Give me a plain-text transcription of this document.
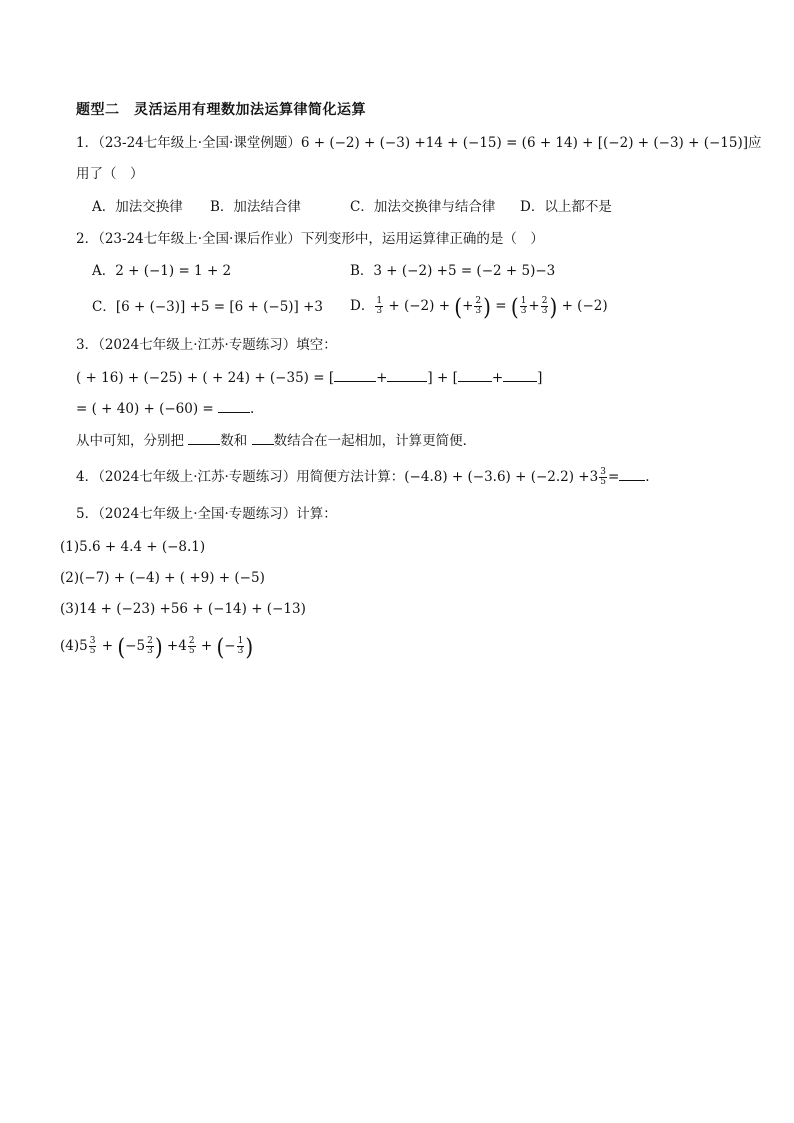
题型二　灵活运用有理数加法运算律简化运算
1．（23-24七年级上·全国·课堂例题）6 + (−2) + (−3) +14 + (−15) = (6 + 14) + [(−2) + (−3) + (−15)]应
用了（　）
A．加法交换律 B．加法结合律	C．加法交换律与结合律 D．以上都不是
2．（23-24七年级上·全国·课后作业）下列变形中，运用运算律正确的是（　）
A．2 + (−1) = 1 + 2	B．3 + (−2) +5 = (−2 + 5)−3
C．[6 + (−3)] +5 = [6 + (−5)] +3 D． $\frac{1}{3} + (-2)$ + (+ $\frac{2}{3}$ ) = ( $\frac{1}{3} + \frac{2}{3}$ ) + (−2)
3．（2024七年级上·江苏·专题练习）填空：
( + 16) + (−25) + ( + 24) + (−35) = [	+	] + [	+	]
= ( + 40) + (−60) =	.
从中可知，分别把 数和 数结合在一起相加，计算更简便．
4．（2024七年级上·江苏·专题练习）用简便方法计算：$(-4.8) + (-3.6) + (-2.2) +3 \frac{3}{5}$ = .
5．（2024七年级上·全国·专题练习）计算：
(1)5.6 + 4.4 + (−8.1)
(2)(−7) + (−4) + ( +9) + (−5)
(3)14 + (−23) +56 + (−14) + (−13)
$(4)5 \frac{3}{5} + (-5 \frac{2}{3}$ ) $+4 \frac{2}{5}$ + (− $\frac{1}{3}$ )
